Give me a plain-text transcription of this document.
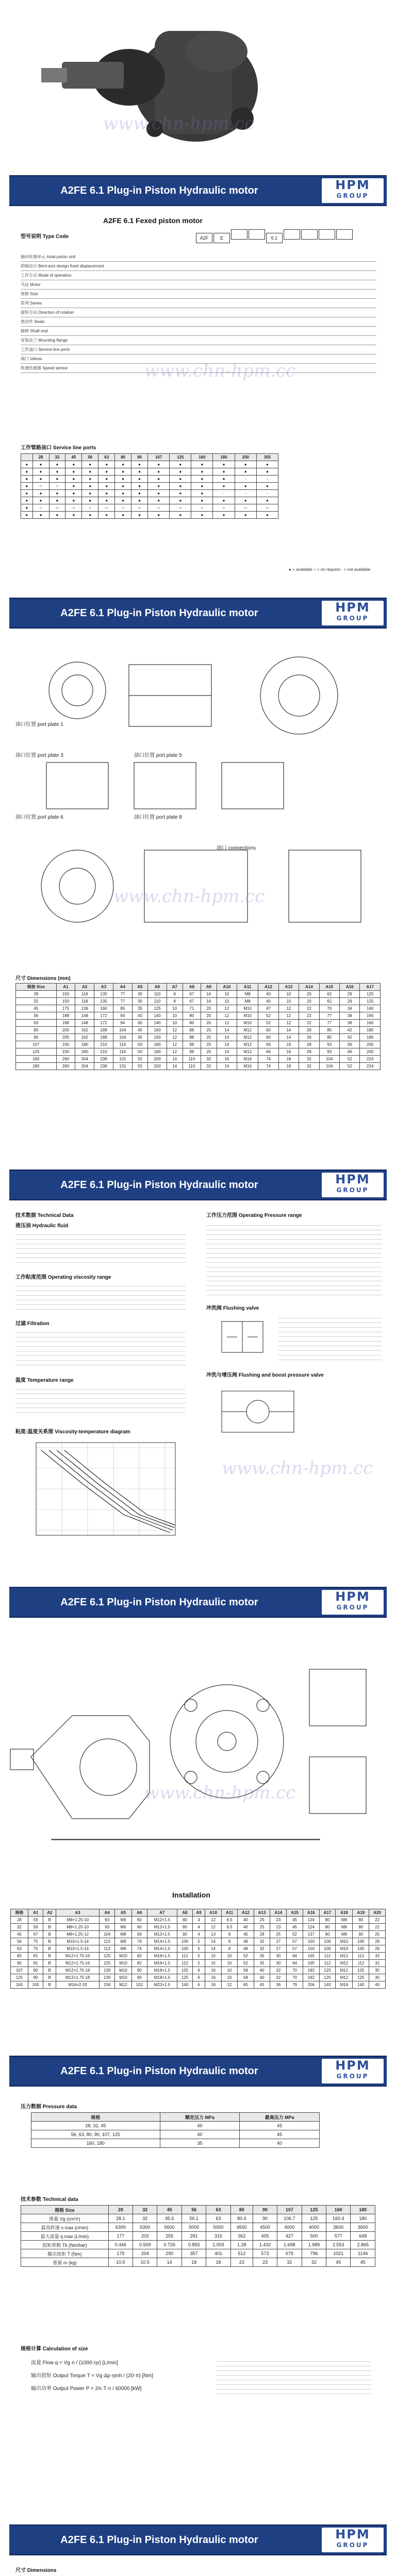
www.chn-hpm.cc
A2FE 6.1 Plug-in Piston Hydraulic motor	HPM
GROUP
A2FE 6.1 Fexed piston motor
型号说明 Type Code	A2F	E	6.1
轴向柱塞单元 Axial piston unit
斜轴设计 Bent-axis design fixed displacement
工作方式 Mode of operation
马达 Motor
规格 Size
系列 Series
旋转方向 Direction of rotation
密封件 Seals
轴伸 Shaft end
安装法兰 Mounting flange
工作油口 Service line ports
阀门 Valves
转速传感器 Speed sensor	www.chn-hpm.cc
工作管路油口 Service line ports
	28	32	45	56	63	80	90	107	125	160	180	250	355
●	●	●	●	●	●	●	●	●	●	●	●	●	●
●	●	●	●	●	●	●	●	●	●	●	●	●	●
●	●	●	●	●	●	●	●	●	●	●	●	-	-
●	○	○	●	●	●	●	●	●	●	●	●	●	●
●	●	●	●	●	●	●	●	●	●	●	-	-	-
●	●	●	●	●	●	●	●	●	●	●	●	●	●
●	○	○	○	○	○	○	○	○	○	○	○	○	○
●	●	●	●	●	●	●	●	●	●	●	●	●	●
● = available ○ = on request - = not available
A2FE 6.1 Plug-in Piston Hydraulic motor	HPM
GROUP
油口位置 port plate 1
油口位置 port plate 3	油口位置 port plate 5
油口位置 port plate 6	油口位置 port plate 8
油口 connections
www.chn-hpm.cc
尺寸 Dimensions (mm)
规格 Size	A1	A2	A3	A4	A5	A6	A7	A8	A9	A10	A11	A12	A13	A14	A15	A16	A17
28	150	118	135	77	30	110	8	67	16	10	M8	40	10	20	62	29	125
32	150	118	135	77	30	110	8	67	16	10	M8	40	10	20	62	29	125
45	175	136	160	85	35	125	10	71	20	12	M10	47	12	22	70	34	140
56	188	148	172	94	40	140	10	80	20	12	M10	52	12	22	77	38	160
63	188	148	172	94	40	140	10	80	20	12	M10	52	12	22	77	38	160
80	205	162	188	104	45	160	12	88	25	14	M12	60	14	26	85	42	180
90	205	162	188	104	45	160	12	88	25	14	M12	60	14	26	85	42	180
107	230	180	210	116	50	180	12	98	25	14	M12	66	16	28	93	46	200
125	230	180	210	116	50	180	12	98	25	14	M12	66	16	28	93	46	200
160	260	204	238	131	55	200	14	110	32	16	M16	74	18	32	104	52	224
180	260	204	238	131	55	200	14	110	32	16	M16	74	18	32	104	52	224
A2FE 6.1 Plug-in Piston Hydraulic motor	HPM
GROUP
技术数据 Technical Data
液压油 Hydraulic fluid
工作粘度范围 Operating viscosity range
过滤 Filtration
温度 Temperature range
粘度-温度关系图 Viscosity-temperature diagram
工作压力范围 Operating Pressure range
冲洗阀 Flushing valve
冲洗与增压阀 Flushing and boost pressure valve
www.chn-hpm.cc
A2FE 6.1 Plug-in Piston Hydraulic motor	HPM
GROUP
www.chn-hpm.cc
Installation
规格	A1	A2	A3	A4	A5	A6	A7	A8	A9	A10	A11	A12	A13	A14	A15	A16	A17	A18	A19	A20
28	59	B	M8×1.25-10	93	M6	60	M12×1.5	80	4	12	6.5	40	25	23	45	124	80	M8	80	22
32	59	B	M8×1.25-10	93	M6	60	M12×1.5	80	4	12	6.5	40	25	23	45	124	80	M8	80	22
45	67	B	M8×1.25-12	104	M8	66	M12×1.5	90	4	13	8	45	28	25	52	137	90	M8	90	25
56	75	B	M10×1.5-14	113	M8	74	M14×1.5	100	5	14	8	48	32	27	57	150	100	M10	100	28
63	75	B	M10×1.5-14	113	M8	74	M14×1.5	100	5	14	8	48	32	27	57	150	100	M10	100	28
80	81	B	M12×1.75-16	125	M10	82	M16×1.5	112	5	15	10	52	35	30	64	165	112	M12	112	32
90	81	B	M12×1.75-16	125	M10	82	M16×1.5	112	5	15	10	52	35	30	64	165	112	M12	112	32
107	90	B	M12×1.75-18	139	M10	90	M18×1.5	125	6	16	10	58	40	32	70	182	125	M12	125	35
125	90	B	M12×1.75-18	139	M10	90	M18×1.5	125	6	16	10	58	40	32	70	182	125	M12	125	35
160	105	B	M16×2-20	158	M12	102	M22×1.5	140	6	18	12	65	45	36	79	206	140	M16	140	40
A2FE 6.1 Plug-in Piston Hydraulic motor	HPM
GROUP
压力数据 Pressure data
规格	额定压力 MPa	最高压力 MPa
28, 32, 45	40	45
56, 63, 80, 90, 107, 125	40	45
160, 180	35	40
技术参数 Technical data
规格 Size	28	32	45	56	63	80	90	107	125	160	180
排量 Vg (cm³/r)	28.1	32	45.6	56.1	63	80.4	90	106.7	125	160.4	180
最高转速 n max (r/min)	6300	6300	5600	5000	5000	4500	4500	4000	4000	3600	3600
最大流量 q max (L/min)	177	202	255	281	315	362	405	427	500	577	648
扭矩常数 Tk (Nm/bar)	0.446	0.509	0.726	0.893	1.003	1.28	1.432	1.698	1.989	2.553	2.865
输出扭矩 T (Nm)	179	204	290	357	401	512	573	679	796	1021	1146
重量 m (kg)	10.5	10.5	14	18	18	23	23	32	32	45	45
规格计算 Calculation of size
流量 Flow q = Vg·n / (1000·ηv) [L/min]
输出扭矩 Output Torque T = Vg·Δp·ηmh / (20·π) [Nm]
输出功率 Output Power P = 2π·T·n / 60000 [kW]
A2FE 6.1 Plug-in Piston Hydraulic motor	HPM
GROUP
尺寸 Dimensions
